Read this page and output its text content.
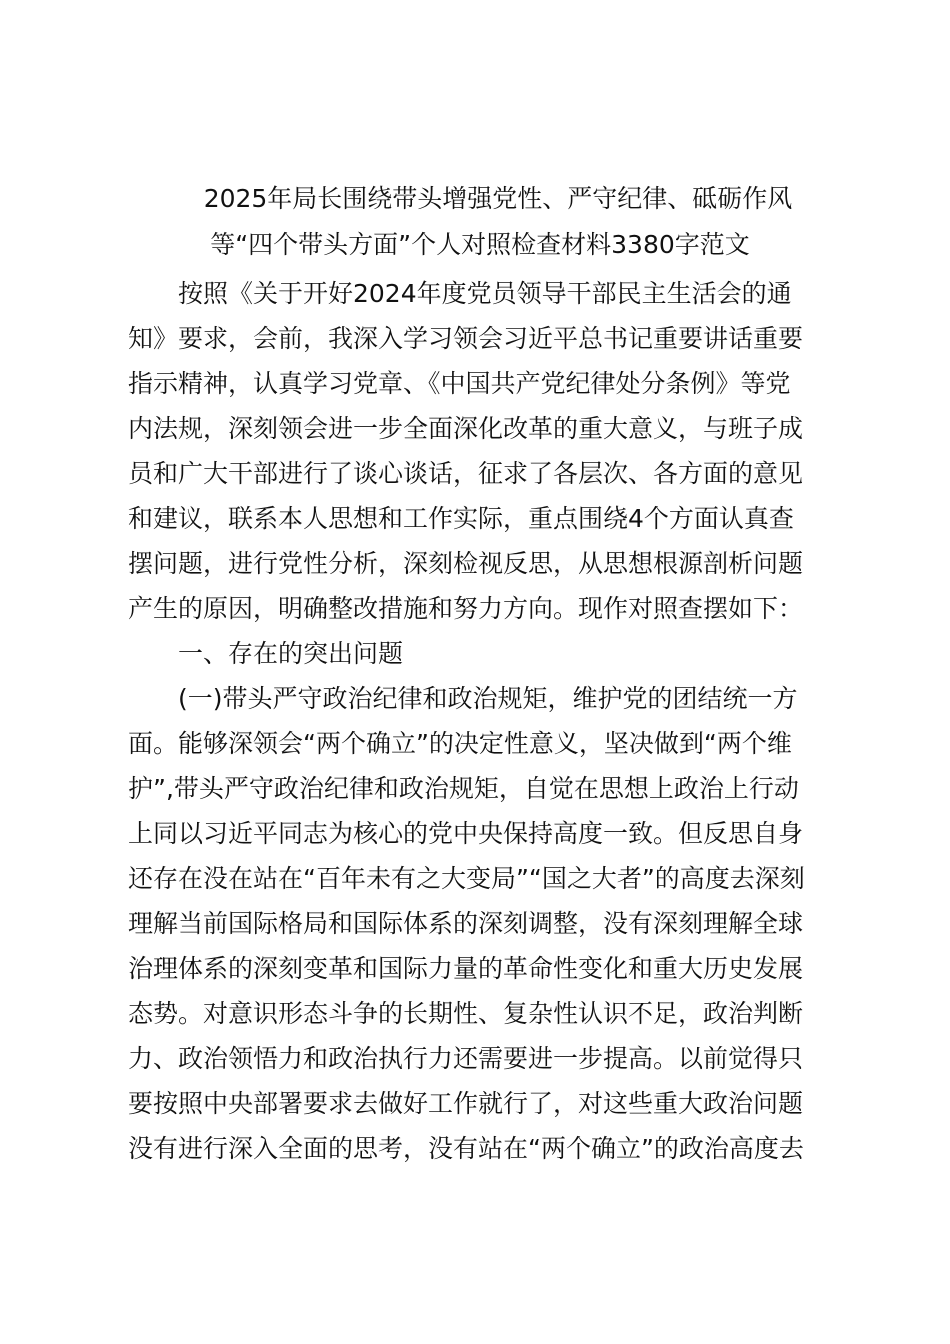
2025年局长围绕带头增强党性、严守纪律、砥砺作风
等“四个带头方面”个人对照检查材料3380字范文
按照《关于开好2024年度党员领导干部民主生活会的通
知》要求，会前，我深入学习领会习近平总书记重要讲话重要
指示精神，认真学习党章、《中国共产党纪律处分条例》等党
内法规，深刻领会进一步全面深化改革的重大意义，与班子成
员和广大干部进行了谈心谈话，征求了各层次、各方面的意见
和建议，联系本人思想和工作实际，重点围绕4个方面认真查
摆问题，进行党性分析，深刻检视反思，从思想根源剖析问题
产生的原因，明确整改措施和努力方向。现作对照查摆如下：
一、存在的突出问题
(一)带头严守政治纪律和政治规矩，维护党的团结统一方
面。能够深领会“两个确立”的决定性意义，坚决做到“两个维
护”,带头严守政治纪律和政治规矩，自觉在思想上政治上行动
上同以习近平同志为核心的党中央保持高度一致。但反思自身
还存在没在站在“百年未有之大变局”“国之大者”的高度去深刻
理解当前国际格局和国际体系的深刻调整，没有深刻理解全球
治理体系的深刻变革和国际力量的革命性变化和重大历史发展
态势。对意识形态斗争的长期性、复杂性认识不足，政治判断
力、政治领悟力和政治执行力还需要进一步提高。以前觉得只
要按照中央部署要求去做好工作就行了，对这些重大政治问题
没有进行深入全面的思考，没有站在“两个确立”的政治高度去
